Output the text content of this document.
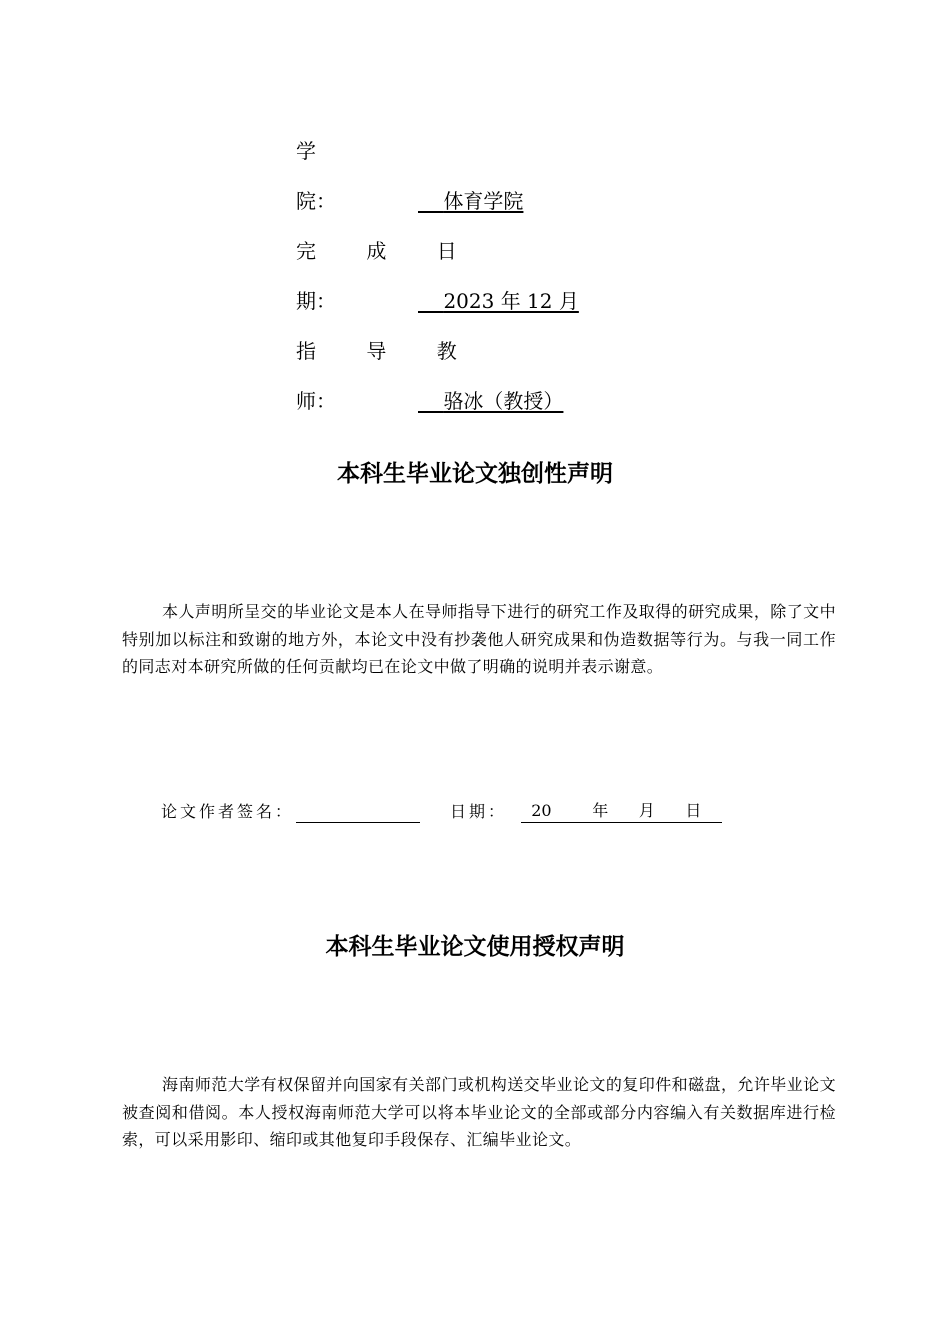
学
院：	体育学院
完 成 日
期：	2023 年 12 月
指 导 教
师：	骆冰（教授）
本科生毕业论文独创性声明
本人声明所呈交的毕业论文是本人在导师指导下进行的研究工作及取得的研究成果，除了文中特别加以标注和致谢的地方外，本论文中没有抄袭他人研究成果和伪造数据等行为。与我一同工作的同志对本研究所做的任何贡献均已在论文中做了明确的说明并表示谢意。
论文作者签名：	日期：	20	年 月 日
本科生毕业论文使用授权声明
海南师范大学有权保留并向国家有关部门或机构送交毕业论文的复印件和磁盘，允许毕业论文被查阅和借阅。本人授权海南师范大学可以将本毕业论文的全部或部分内容编入有关数据库进行检索，可以采用影印、缩印或其他复印手段保存、汇编毕业论文。
